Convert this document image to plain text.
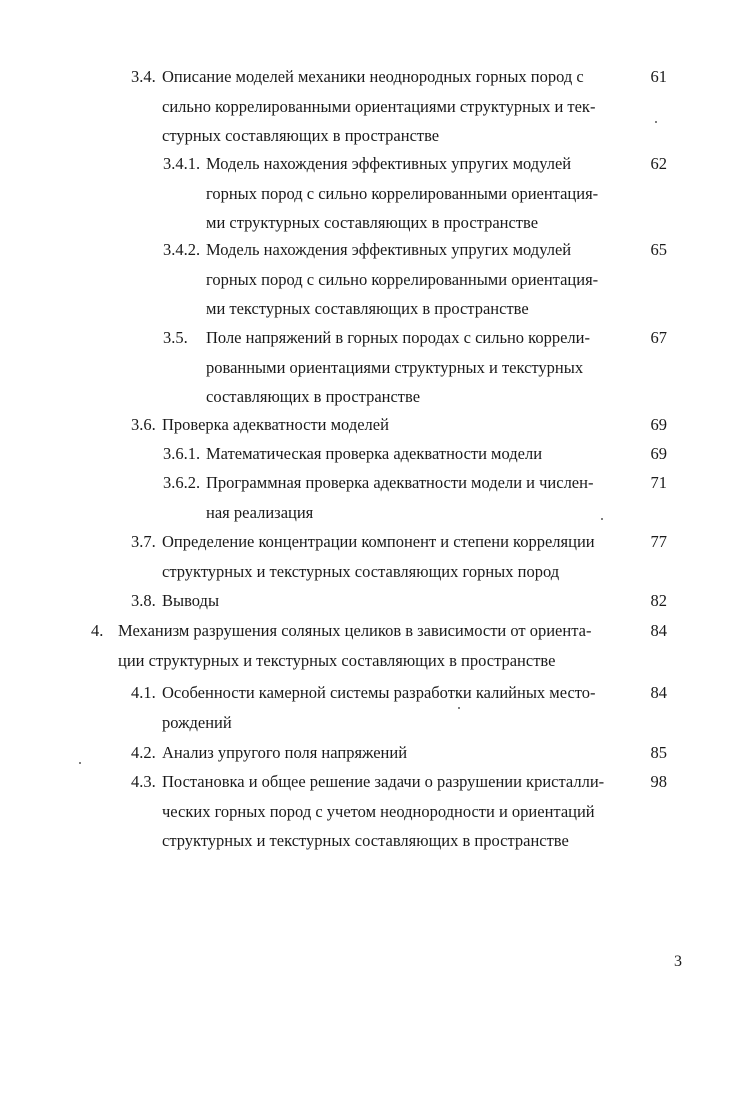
3.4. Описание моделей механики неоднородных горных пород с
сильно коррелированными ориентациями структурных и тек-
стурных составляющих в пространстве
61
3.4.1. Модель нахождения эффективных упругих модулей
горных пород с сильно коррелированными ориентация-
ми структурных составляющих в пространстве
62
3.4.2. Модель нахождения эффективных упругих модулей
горных пород с сильно коррелированными ориентация-
ми текстурных составляющих в пространстве
65
3.5. Поле напряжений в горных породах с сильно коррели-
рованными ориентациями структурных и текстурных
составляющих в пространстве
67
3.6. Проверка адекватности моделей	69
3.6.1. Математическая проверка адекватности модели	69
3.6.2. Программная проверка адекватности модели и числен-
ная реализация
71
3.7. Определение концентрации компонент и степени корреляции
структурных и текстурных составляющих горных пород
77
3.8. Выводы	82
4. Механизм разрушения соляных целиков в зависимости от ориента-
ции структурных и текстурных составляющих в пространстве
84
4.1. Особенности камерной системы разработки калийных место-
рождений
84
4.2. Анализ упругого поля напряжений	85
4.3. Постановка и общее решение задачи о разрушении кристалли-
ческих горных пород с учетом неоднородности и ориентаций
структурных и текстурных составляющих в пространстве
98
3
